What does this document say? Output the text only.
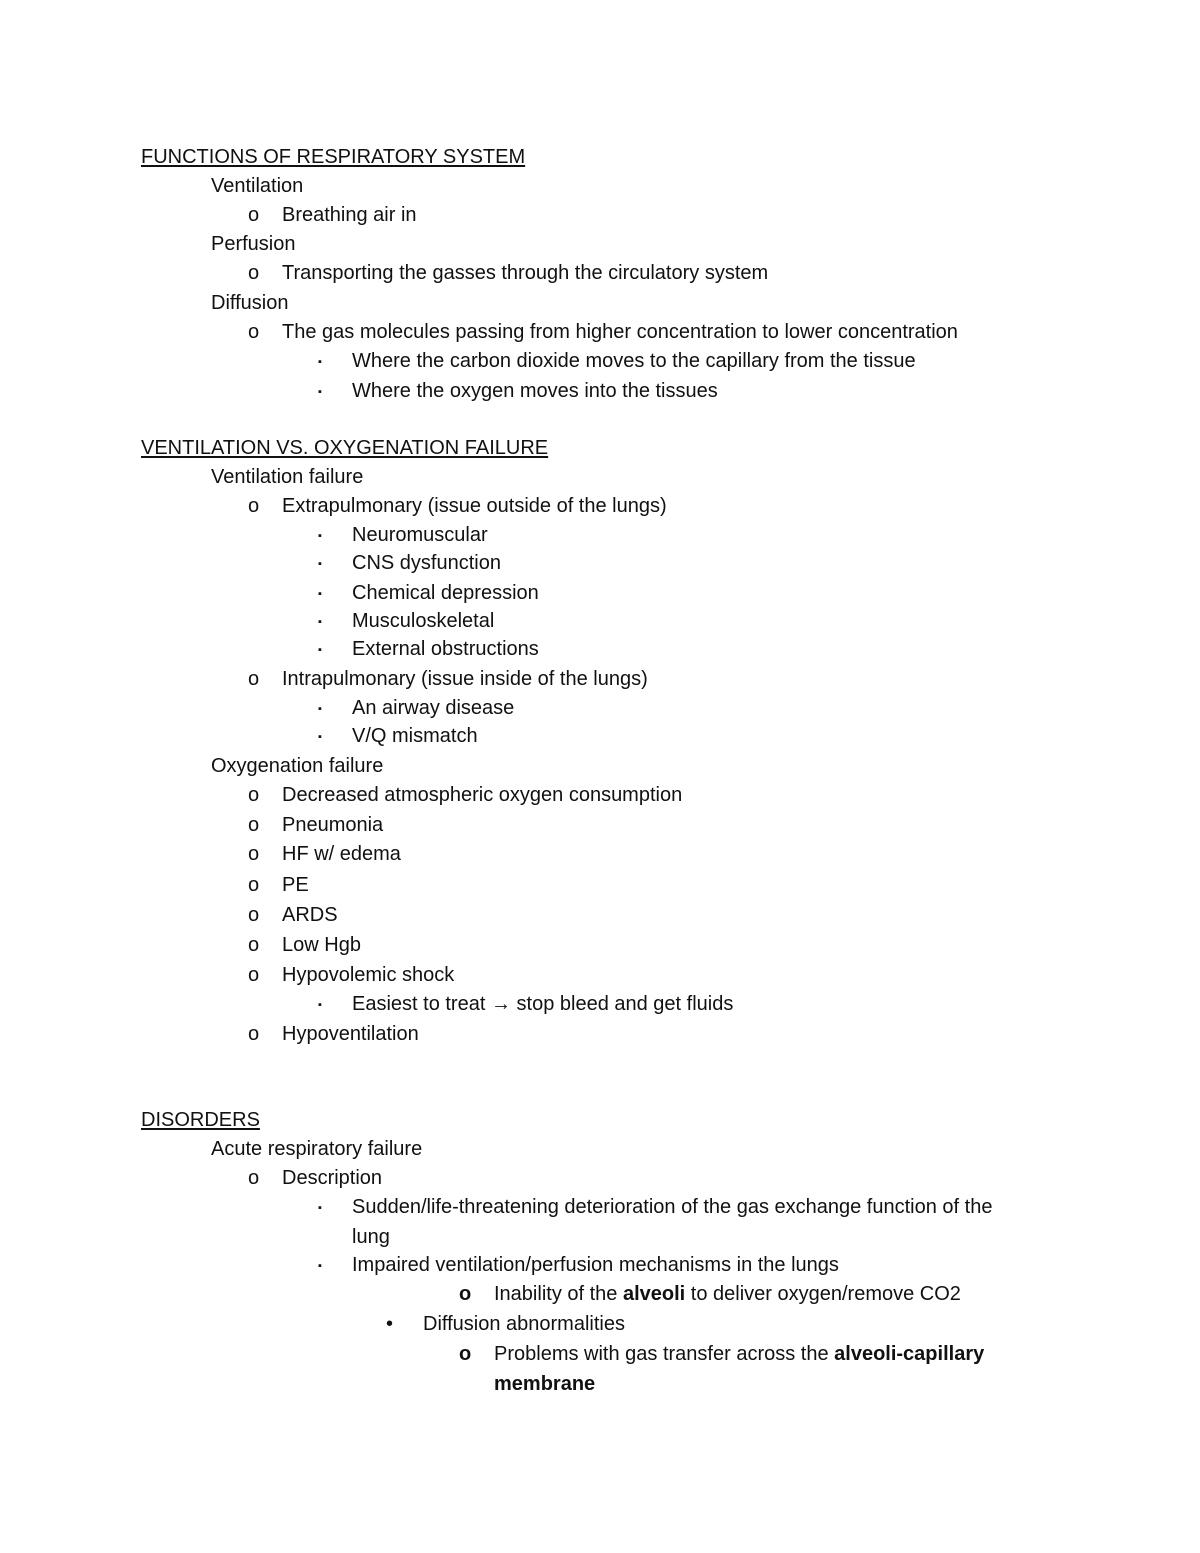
FUNCTIONS OF RESPIRATORY SYSTEM
Ventilation
o Breathing air in
Perfusion
o Transporting the gasses through the circulatory system
Diffusion
o The gas molecules passing from higher concentration to lower concentration
▪ Where the carbon dioxide moves to the capillary from the tissue
▪ Where the oxygen moves into the tissues
VENTILATION VS. OXYGENATION FAILURE
Ventilation failure
o Extrapulmonary (issue outside of the lungs)
▪ Neuromuscular
▪ CNS dysfunction
▪ Chemical depression
▪ Musculoskeletal
▪ External obstructions
o Intrapulmonary (issue inside of the lungs)
▪ An airway disease
▪ V/Q mismatch
Oxygenation failure
o Decreased atmospheric oxygen consumption
o Pneumonia
o HF w/ edema
o PE
o ARDS
o Low Hgb
o Hypovolemic shock
▪ Easiest to treat → stop bleed and get fluids
o Hypoventilation
DISORDERS
Acute respiratory failure
o Description
▪ Sudden/life-threatening deterioration of the gas exchange function of the
lung
▪ Impaired ventilation/perfusion mechanisms in the lungs
o Inability of the alveoli to deliver oxygen/remove CO2
• Diffusion abnormalities
o Problems with gas transfer across the alveoli-capillary
membrane
